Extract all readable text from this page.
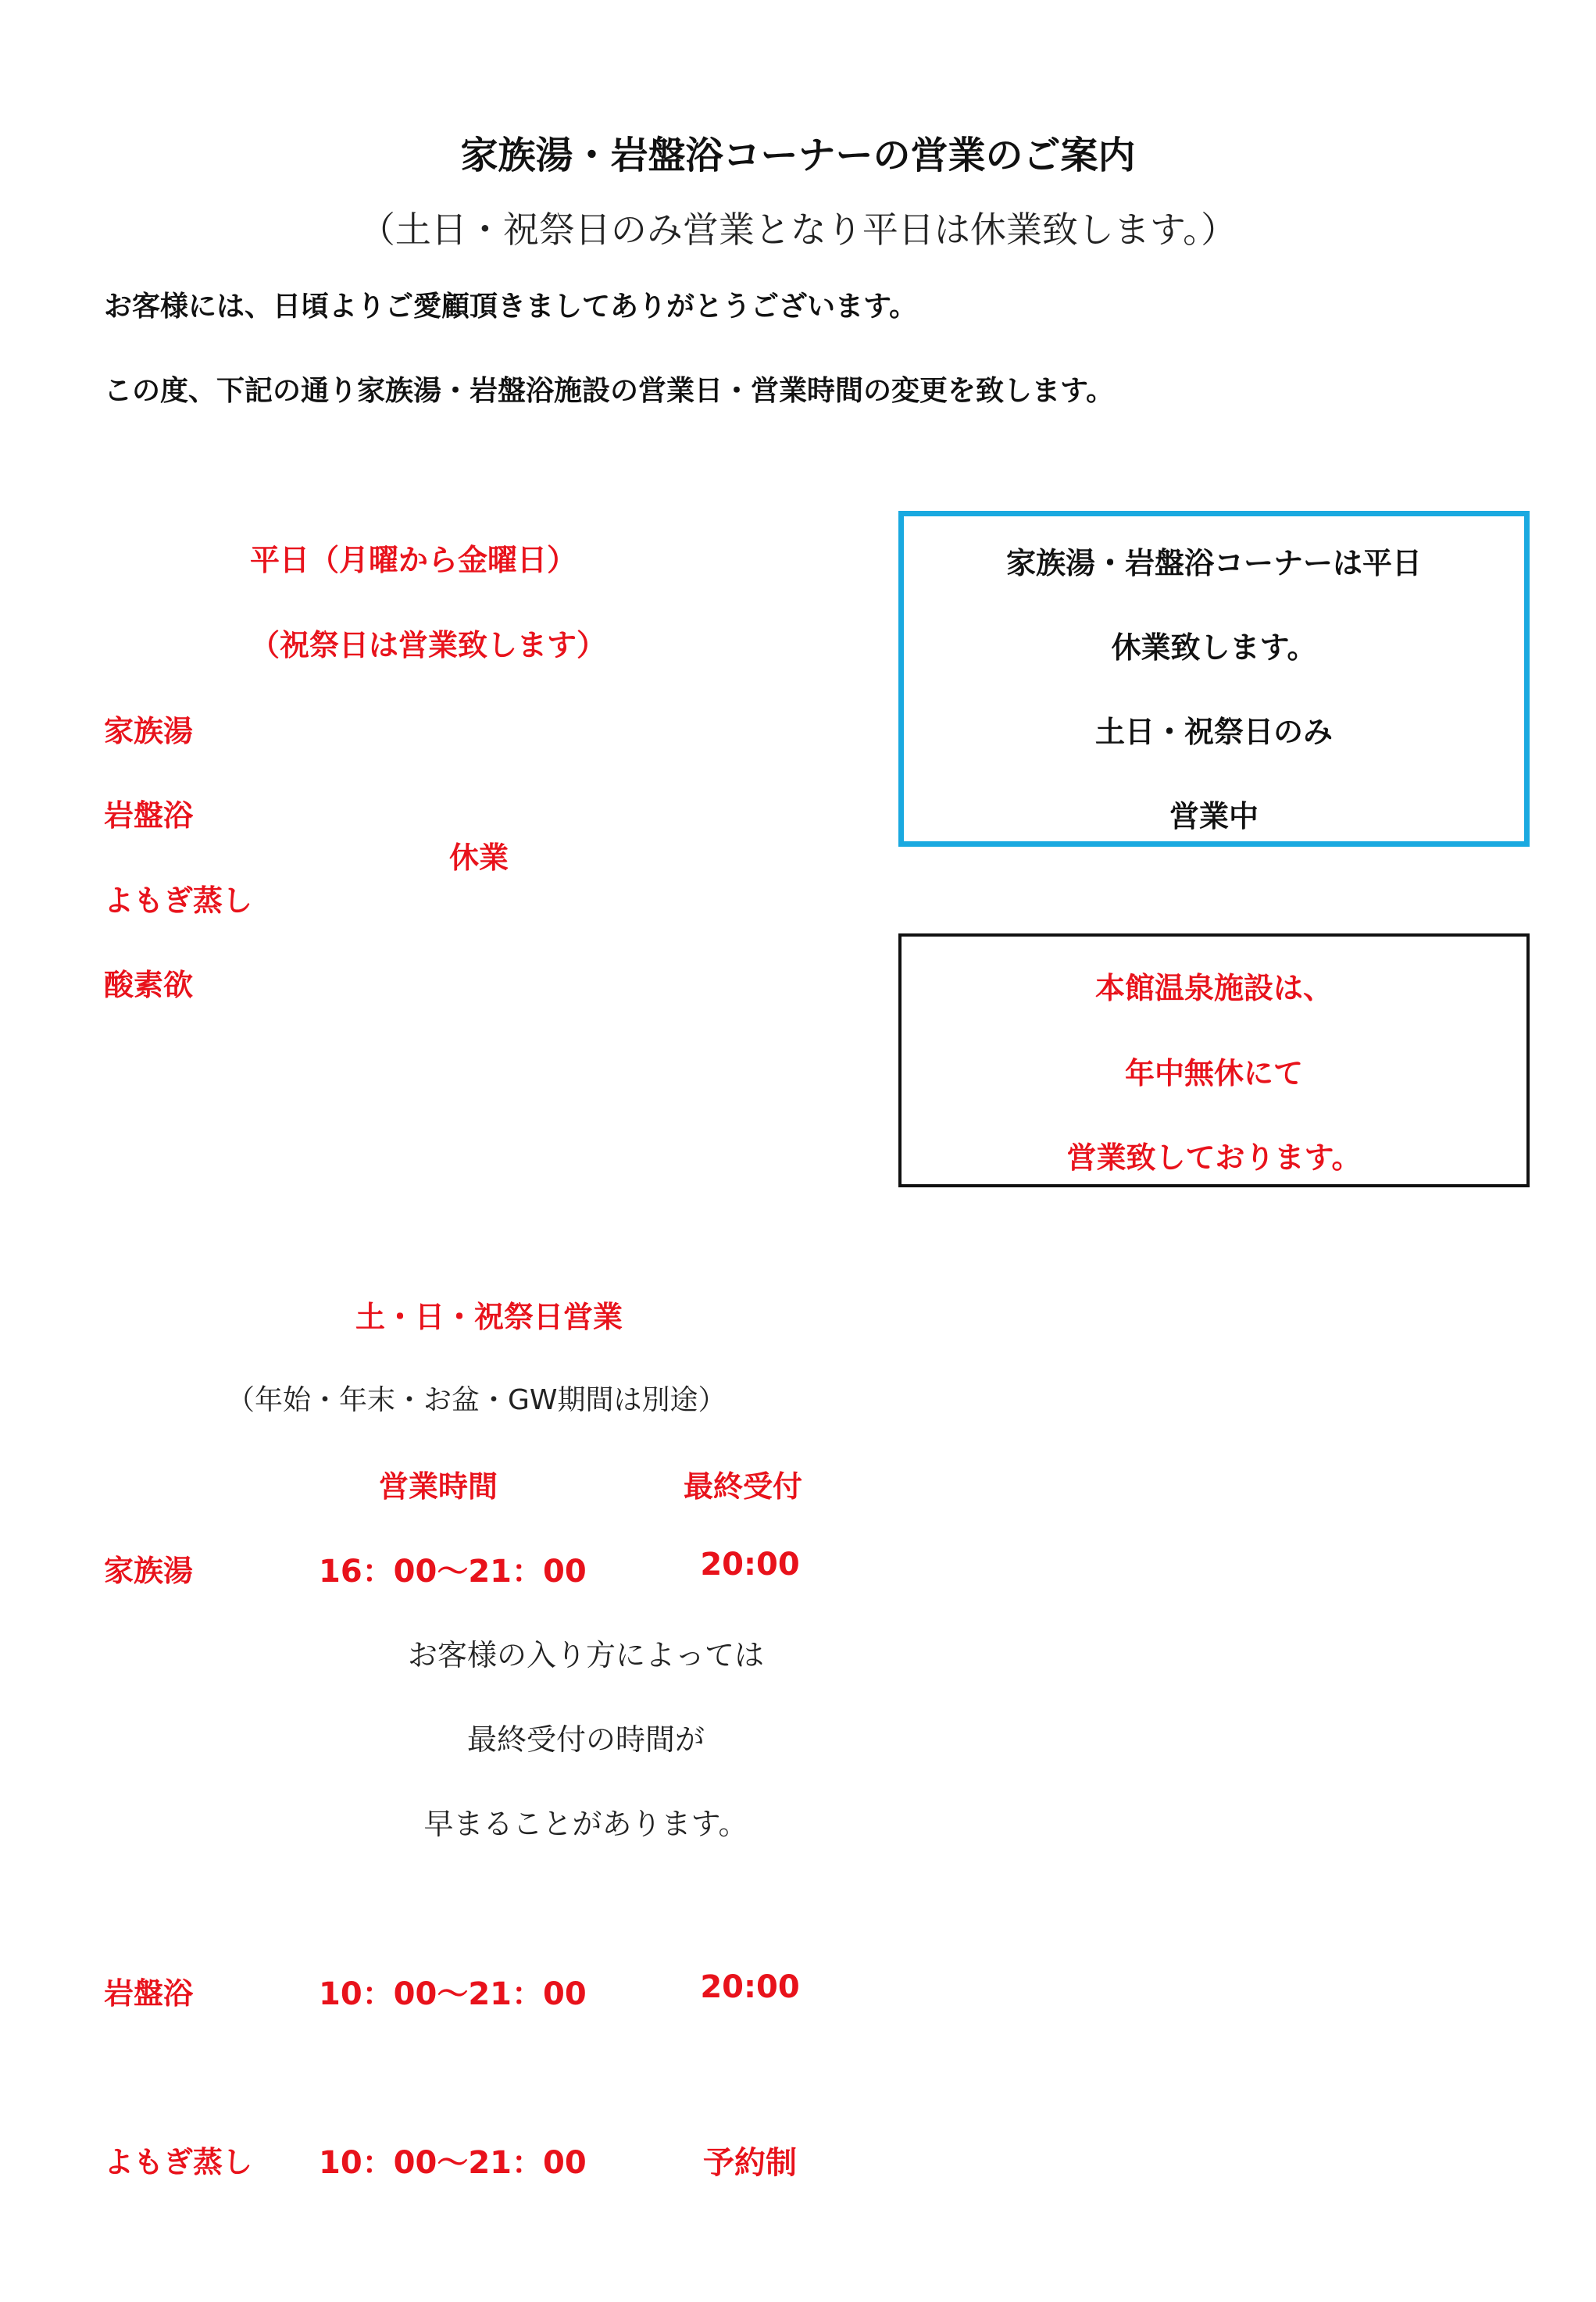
家族湯・岩盤浴コーナーの営業のご案内
（土日・祝祭日のみ営業となり平日は休業致します。）
お客様には、日頃よりご愛顧頂きましてありがとうございます。
この度、下記の通り家族湯・岩盤浴施設の営業日・営業時間の変更を致します。
平日（月曜から金曜日）
（祝祭日は営業致します）
家族湯
岩盤浴
よもぎ蒸し
酸素欲
休業
家族湯・岩盤浴コーナーは平日
休業致します。
土日・祝祭日のみ
営業中
本館温泉施設は、
年中無休にて
営業致しております。
土・日・祝祭日営業
（年始・年末・お盆・GW期間は別途）
営業時間	最終受付
家族湯	16：00〜21：00	20:00
お客様の入り方によっては
最終受付の時間が
早まることがあります。
岩盤浴	10：00〜21：00	20:00
よもぎ蒸し 10：00〜21：00	予約制
